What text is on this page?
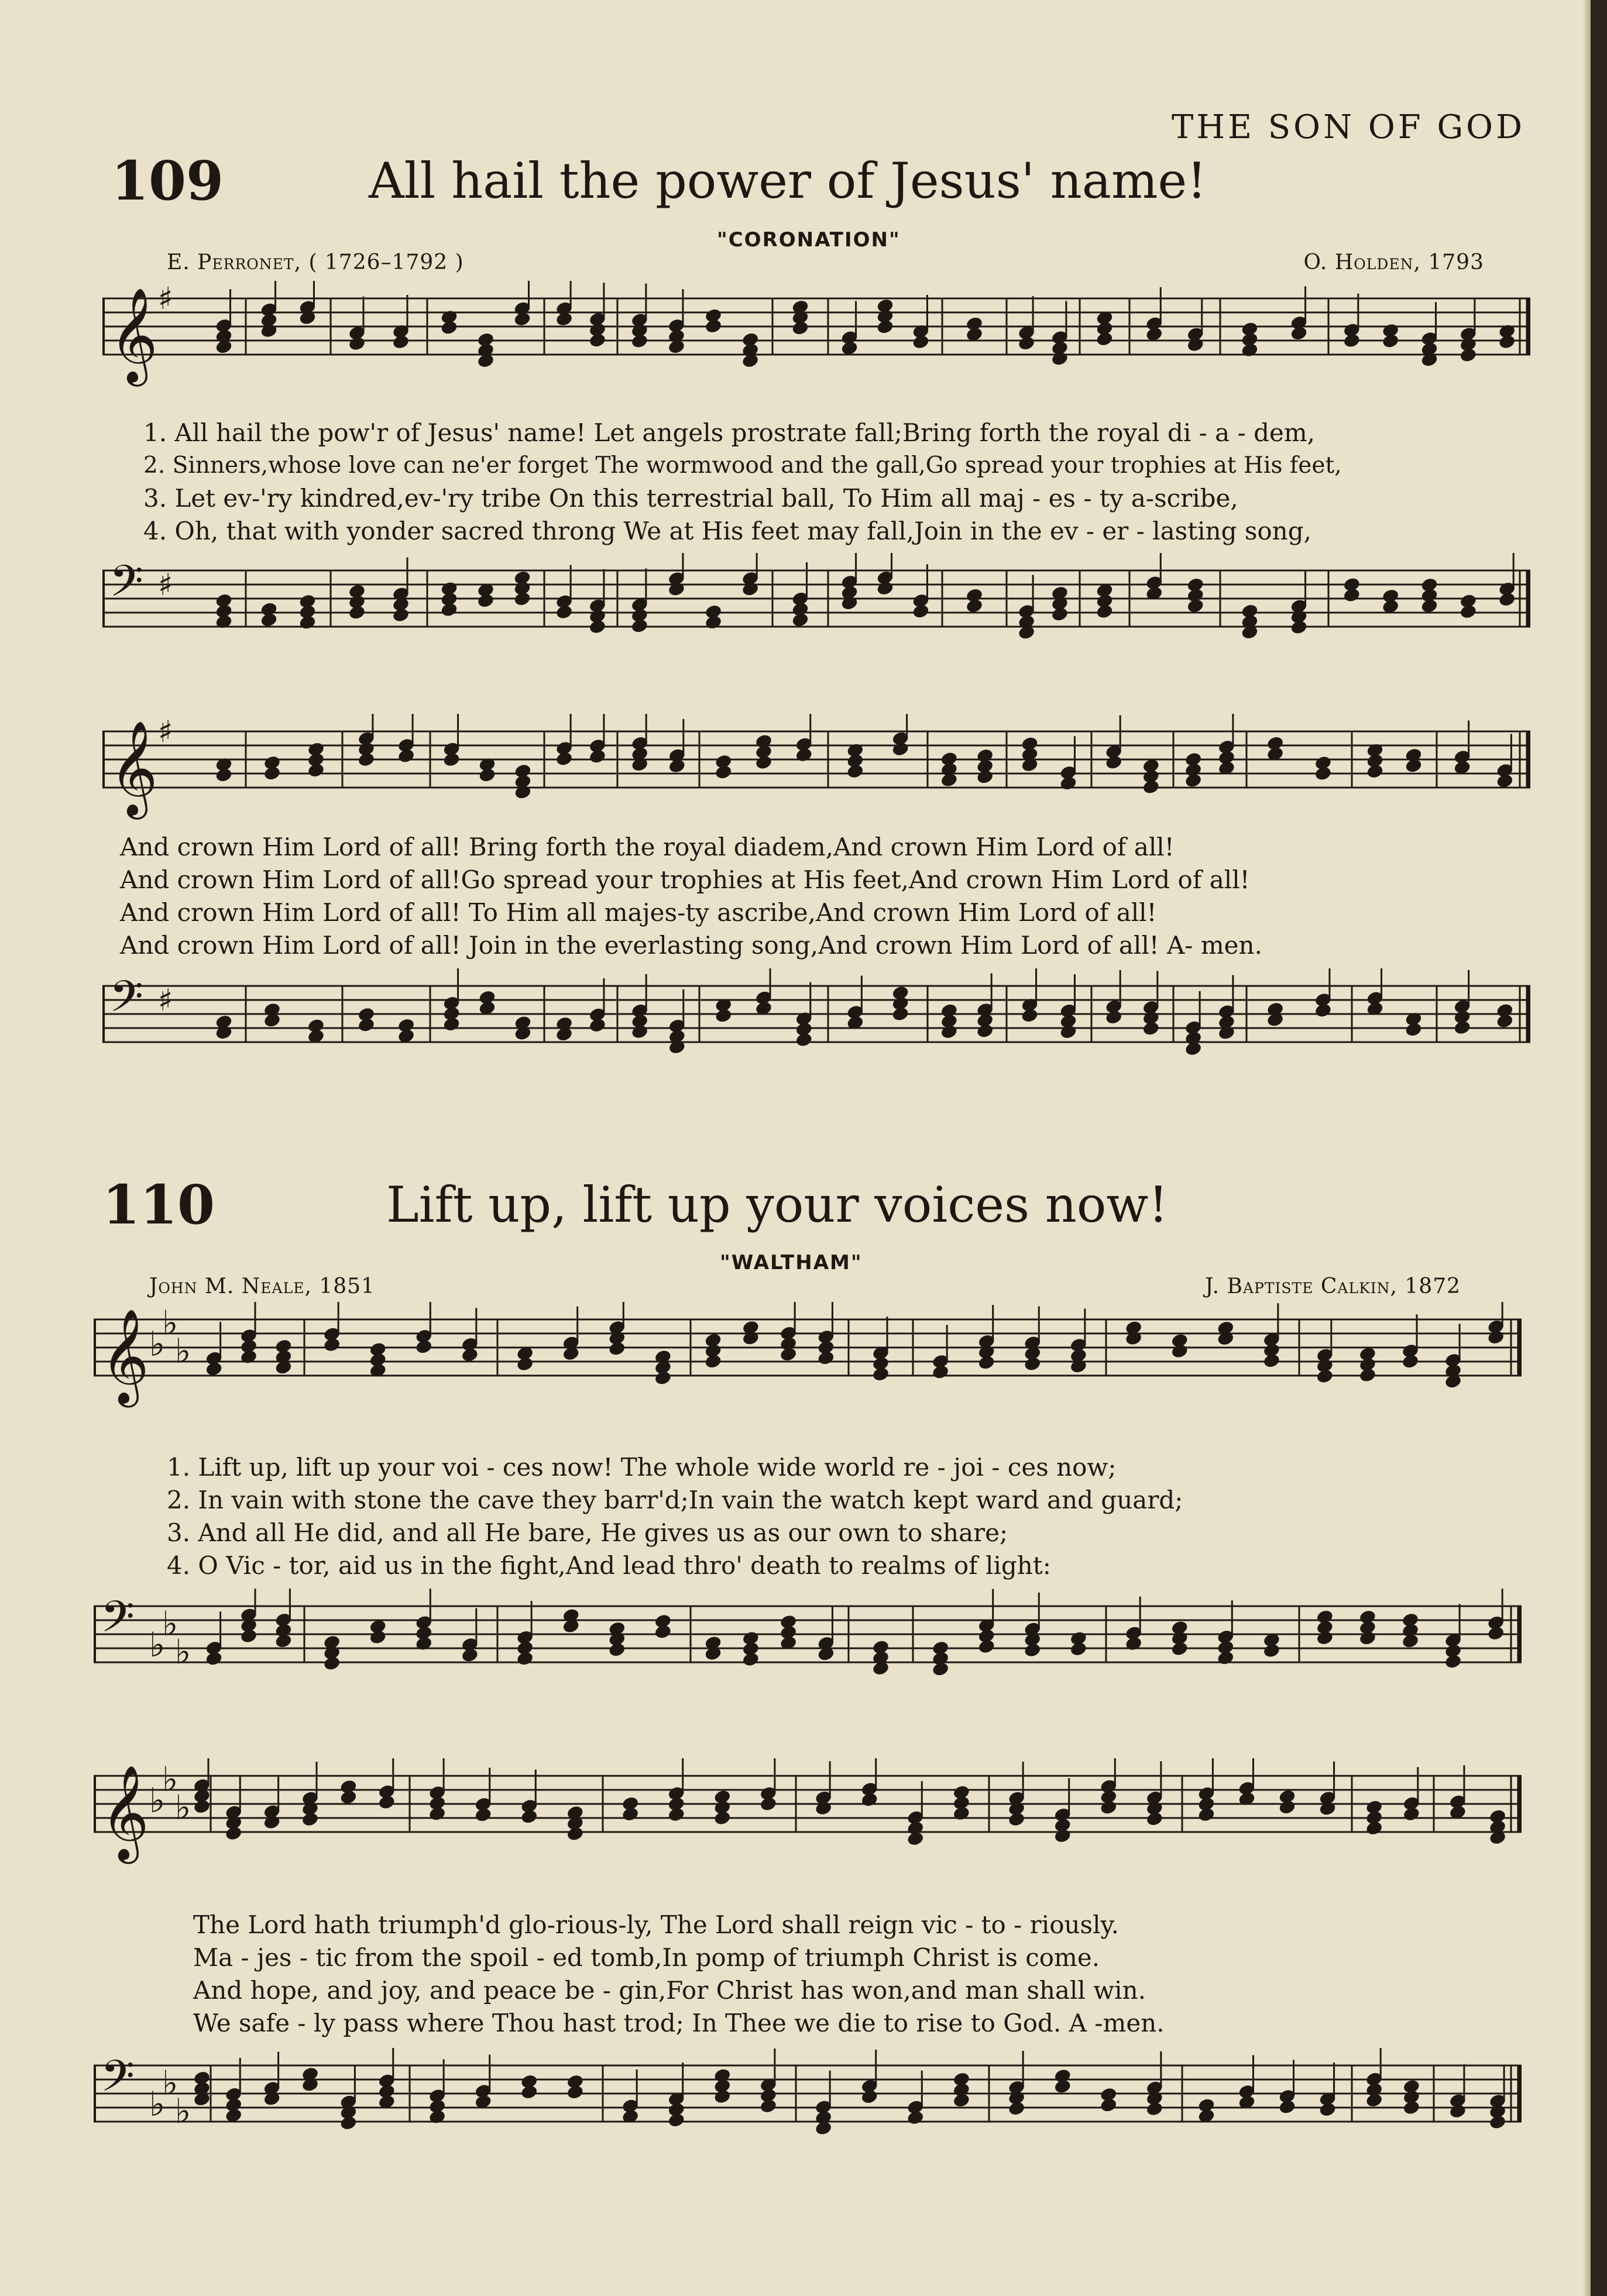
THE SON OF GOD
109	All hail the power of Jesus' name!
"CORONATION"
E. Perronet, ( 1726–1792 )	O. Holden, 1793
𝄞 ♯
1. All hail the pow'r of Jesus' name! Let angels prostrate fall;Bring forth the royal di - a - dem,
2. Sinners,whose love can ne'er forget The wormwood and the gall,Go spread your trophies at His feet,
3. Let ev-'ry kindred,ev-'ry tribe On this terrestrial ball, To Him all maj - es - ty a-scribe,
4. Oh, that with yonder sacred throng We at His feet may fall,Join in the ev - er - lasting song,
𝄢 ♯
𝄞 ♯
And crown Him Lord of all! Bring forth the royal diadem,And crown Him Lord of all!
And crown Him Lord of all!Go spread your trophies at His feet,And crown Him Lord of all!
And crown Him Lord of all! To Him all majes-ty ascribe,And crown Him Lord of all!
And crown Him Lord of all! Join in the everlasting song,And crown Him Lord of all! A- men.
𝄢 ♯
110	Lift up, lift up your voices now!
"WALTHAM"
John M. Neale, 1851	J. Baptiste Calkin, 1872
𝄞 ♭
♭
♭
1. Lift up, lift up your voi - ces now! The whole wide world re - joi - ces now;
2. In vain with stone the cave they barr'd;In vain the watch kept ward and guard;
3. And all He did, and all He bare, He gives us as our own to share;
4. O Vic - tor, aid us in the fight,And lead thro' death to realms of light:
𝄢 ♭
♭
♭
𝄞 ♭
♭
♭
The Lord hath triumph'd glo-rious-ly, The Lord shall reign vic - to - riously.
Ma - jes - tic from the spoil - ed tomb,In pomp of triumph Christ is come.
And hope, and joy, and peace be - gin,For Christ has won,and man shall win.
We safe - ly pass where Thou hast trod; In Thee we die to rise to God. A -men.
𝄢 ♭
♭
♭
